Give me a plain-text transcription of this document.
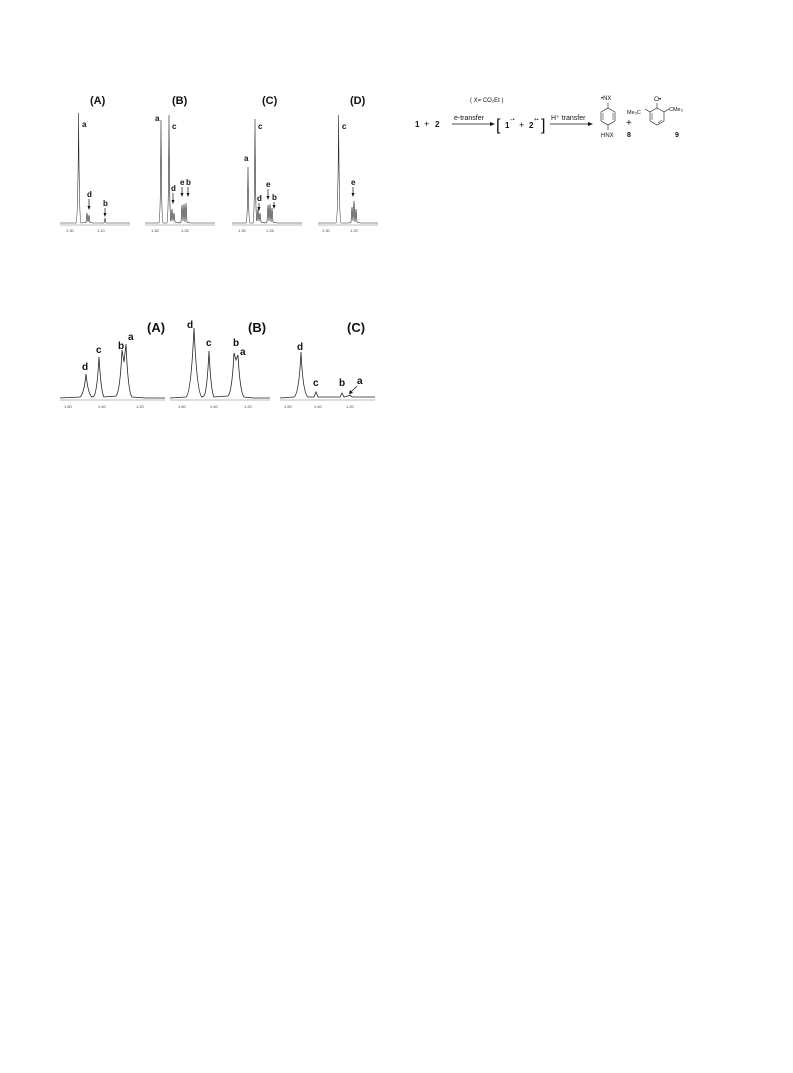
(A)
a
d
b
1.30	1.10
(B)
a
c
d
e b
1.30	1.25
(C)
a
c
d
e
b
1.30	1.25
(D)
c
e
1.30	1.20
( X= CO₂Et )
1 + 2
e-transfer [ 1
−• + 2
+• ] H⁺ transfer
•NX
HNX 8
+
Me₃C
O•
CMe₃
9
(A)
d
c b
a
1.60	1.40	1.20
(B)
d
c b
a
1.60	1.40	1.20
(C)
d
c b a
1.60	1.40	1.20
